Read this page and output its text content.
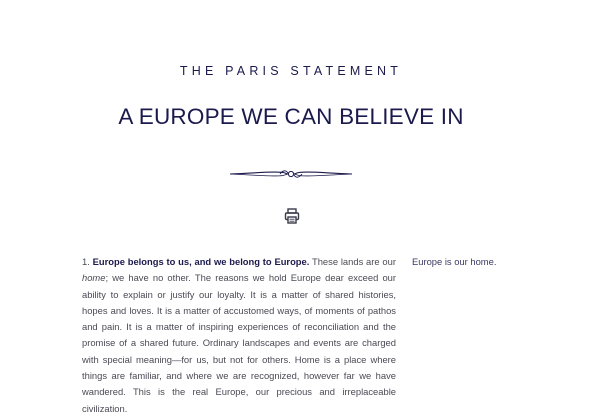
THE PARIS STATEMENT
A EUROPE WE CAN BELIEVE IN

1. Europe belongs to us, and we belong to Europe. These lands are our home; we have no other. The reasons we hold Europe dear exceed our ability to explain or justify our loyalty. It is a matter of shared histories, hopes and loves. It is a matter of accustomed ways, of moments of pathos and pain. It is a matter of inspiring experiences of reconciliation and the promise of a shared future. Ordinary landscapes and events are charged with special meaning—for us, but not for others. Home is a place where things are familiar, and where we are recognized, however far we have wandered. This is the real Europe, our precious and irreplaceable civilization.

Europe is our home.
